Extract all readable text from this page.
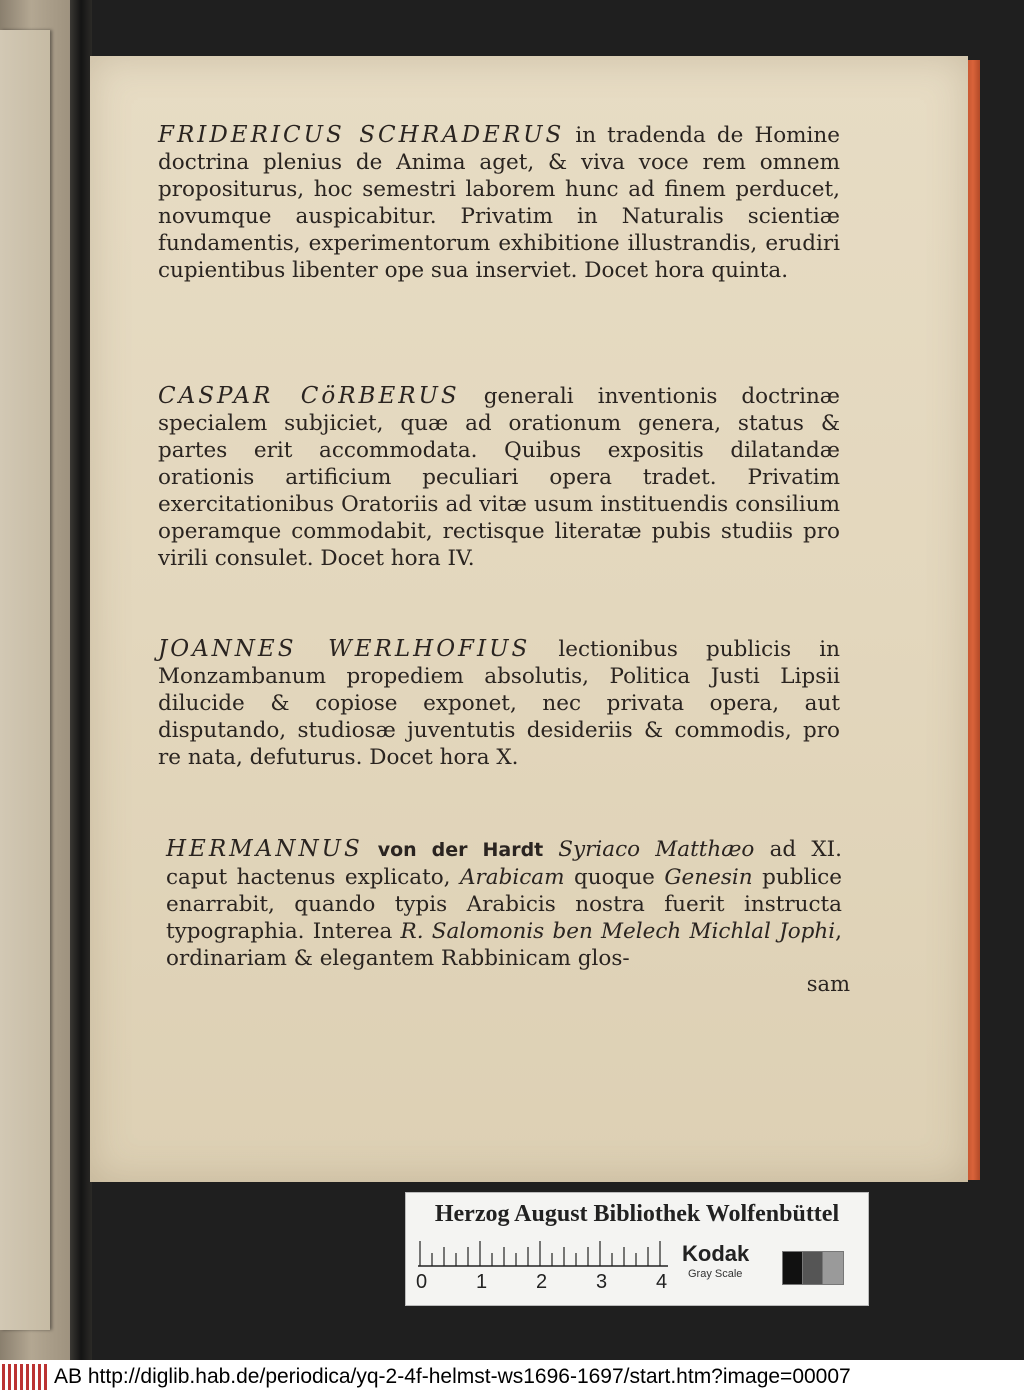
FRIDERICUS SCHRADERUS in tradenda de Homine doctrina plenius de Anima aget, & viva voce rem omnem propositurus, hoc semestri laborem hunc ad finem perducet, novumque auspicabitur. Privatim in Naturalis scientiæ fundamentis, experimentorum exhibitione illustrandis, erudiri cupientibus libenter ope sua inserviet. Docet hora quinta.
CASPAR CöRBERUS generali inventionis doctrinæ specialem subjiciet, quæ ad orationum genera, status & partes erit accommodata. Quibus expositis dilatandæ orationis artificium peculiari opera tradet. Privatim exercitationibus Oratoriis ad vitæ usum instituendis consilium operamque commodabit, rectisque literatæ pubis studiis pro virili consulet. Docet hora IV.
JOANNES WERLHOFIUS lectionibus publicis in Monzambanum propediem absolutis, Politica Justi Lipsii dilucide & copiose exponet, nec privata opera, aut disputando, studiosæ juventutis desideriis & commodis, pro re nata, defuturus. Docet hora X.
HERMANNUS von der Hardt Syriaco Matthæo ad XI. caput hactenus explicato, Arabicam quoque Genesin publice enarrabit, quando typis Arabicis nostra fuerit instructa typographia. Interea R. Salomonis ben Melech Michlal Jophi, ordinariam & elegantem Rabbinicam glos-
sam
Herzog August Bibliothek Wolfenbüttel
0 1 2 3 4
Kodak
Gray Scale
AB http://diglib.hab.de/periodica/yq-2-4f-helmst-ws1696-1697/start.htm?image=00007
